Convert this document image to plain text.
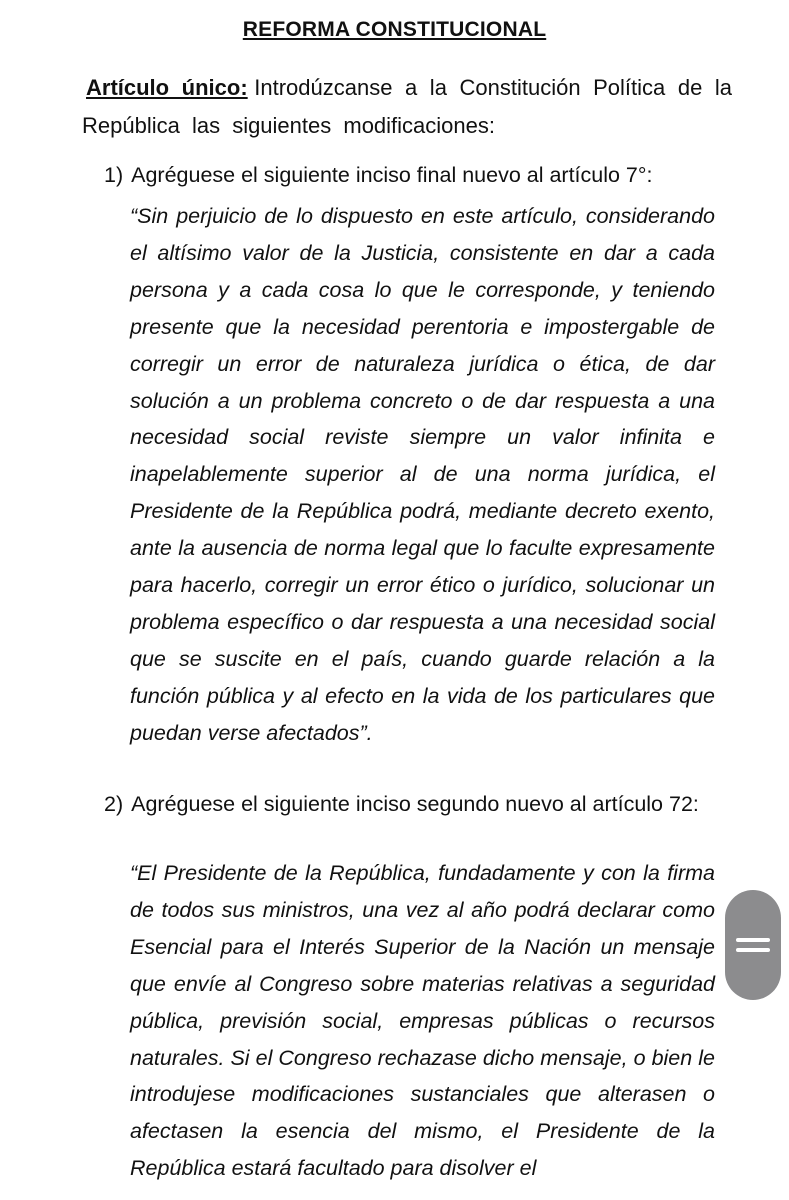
REFORMA CONSTITUCIONAL
Artículo único: Introdúzcanse a la Constitución Política de la República las siguientes modificaciones:
1) Agréguese el siguiente inciso final nuevo al artículo 7°:
“Sin perjuicio de lo dispuesto en este artículo, considerando el altísimo valor de la Justicia, consistente en dar a cada persona y a cada cosa lo que le corresponde, y teniendo presente que la necesidad perentoria e impostergable de corregir un error de naturaleza jurídica o ética, de dar solución a un problema concreto o de dar respuesta a una necesidad social reviste siempre un valor infinita e inapelablemente superior al de una norma jurídica, el Presidente de la República podrá, mediante decreto exento, ante la ausencia de norma legal que lo faculte expresamente para hacerlo, corregir un error ético o jurídico, solucionar un problema específico o dar respuesta a una necesidad social que se suscite en el país, cuando guarde relación a la función pública y al efecto en la vida de los particulares que puedan verse afectados”.
2) Agréguese el siguiente inciso segundo nuevo al artículo 72:
“El Presidente de la República, fundadamente y con la firma de todos sus ministros, una vez al año podrá declarar como Esencial para el Interés Superior de la Nación un mensaje que envíe al Congreso sobre materias relativas a seguridad pública, previsión social, empresas públicas o recursos naturales. Si el Congreso rechazase dicho mensaje, o bien le introdujese modificaciones sustanciales que alterasen o afectasen la esencia del mismo, el Presidente de la República estará facultado para disolver el
